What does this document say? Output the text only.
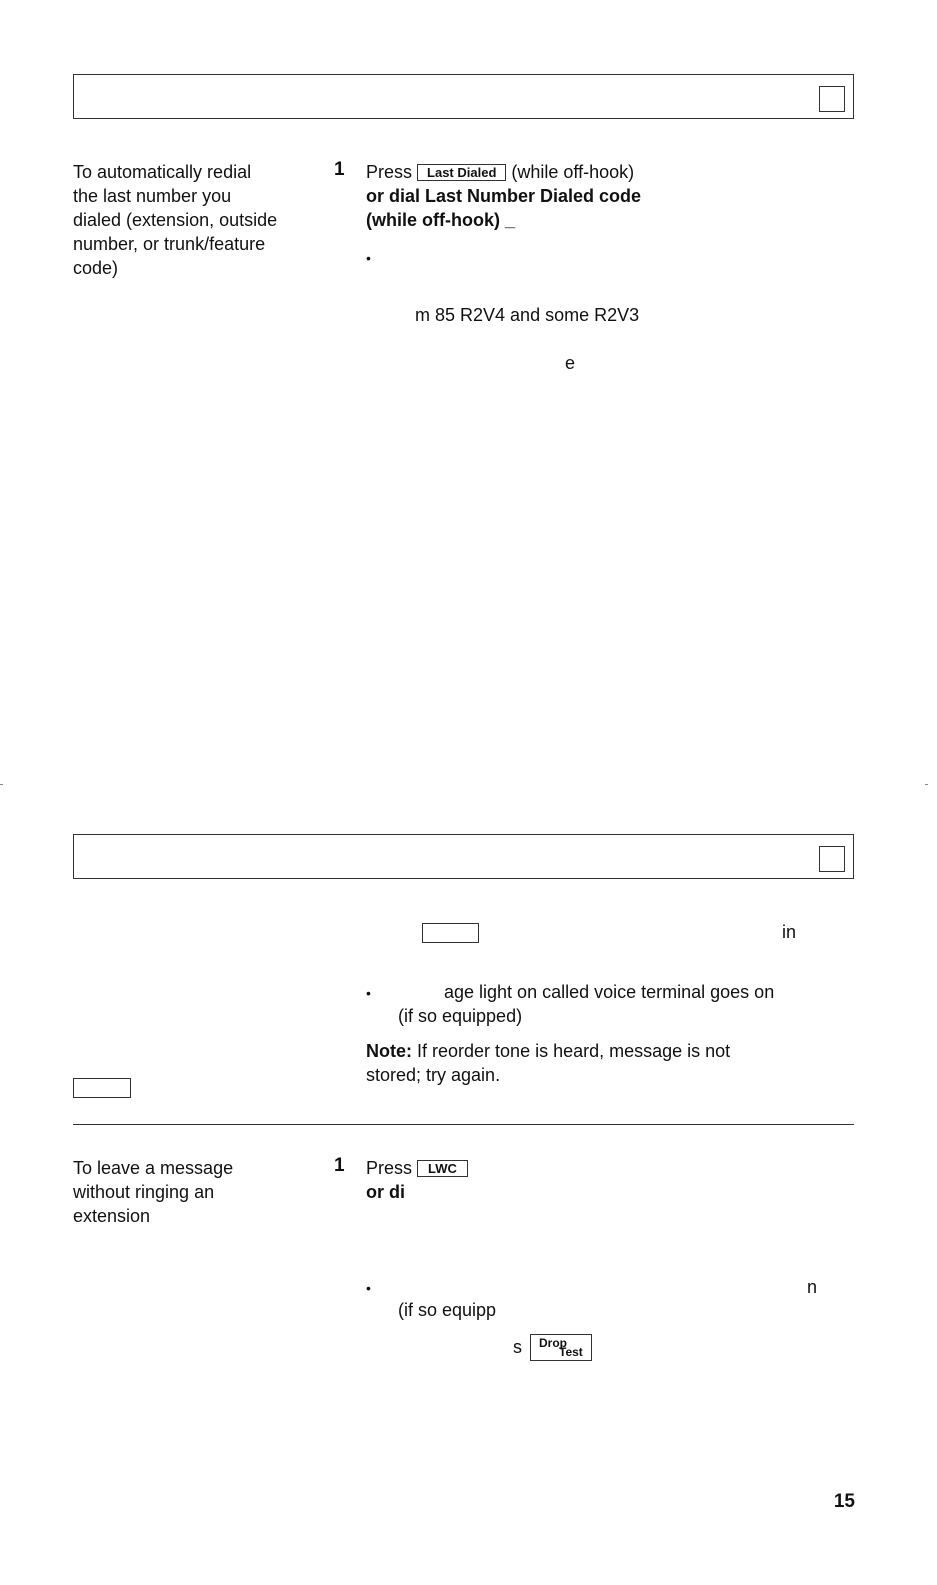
To automatically redial
the last number you
dialed (extension, outside
number, or trunk/feature
code)
1 Press Last Dialed (while off-hook)
or dial Last Number Dialed code
(while off-hook) _
•
m 85 R2V4 and some R2V3
e
in
•	age light on called voice terminal goes on
(if so equipped)
Note: If reorder tone is heard, message is not
stored; try again.
To leave a message
without ringing an
extension
1 Press LWC
or di
n
•
(if so equipp
s Drop
Test
15
